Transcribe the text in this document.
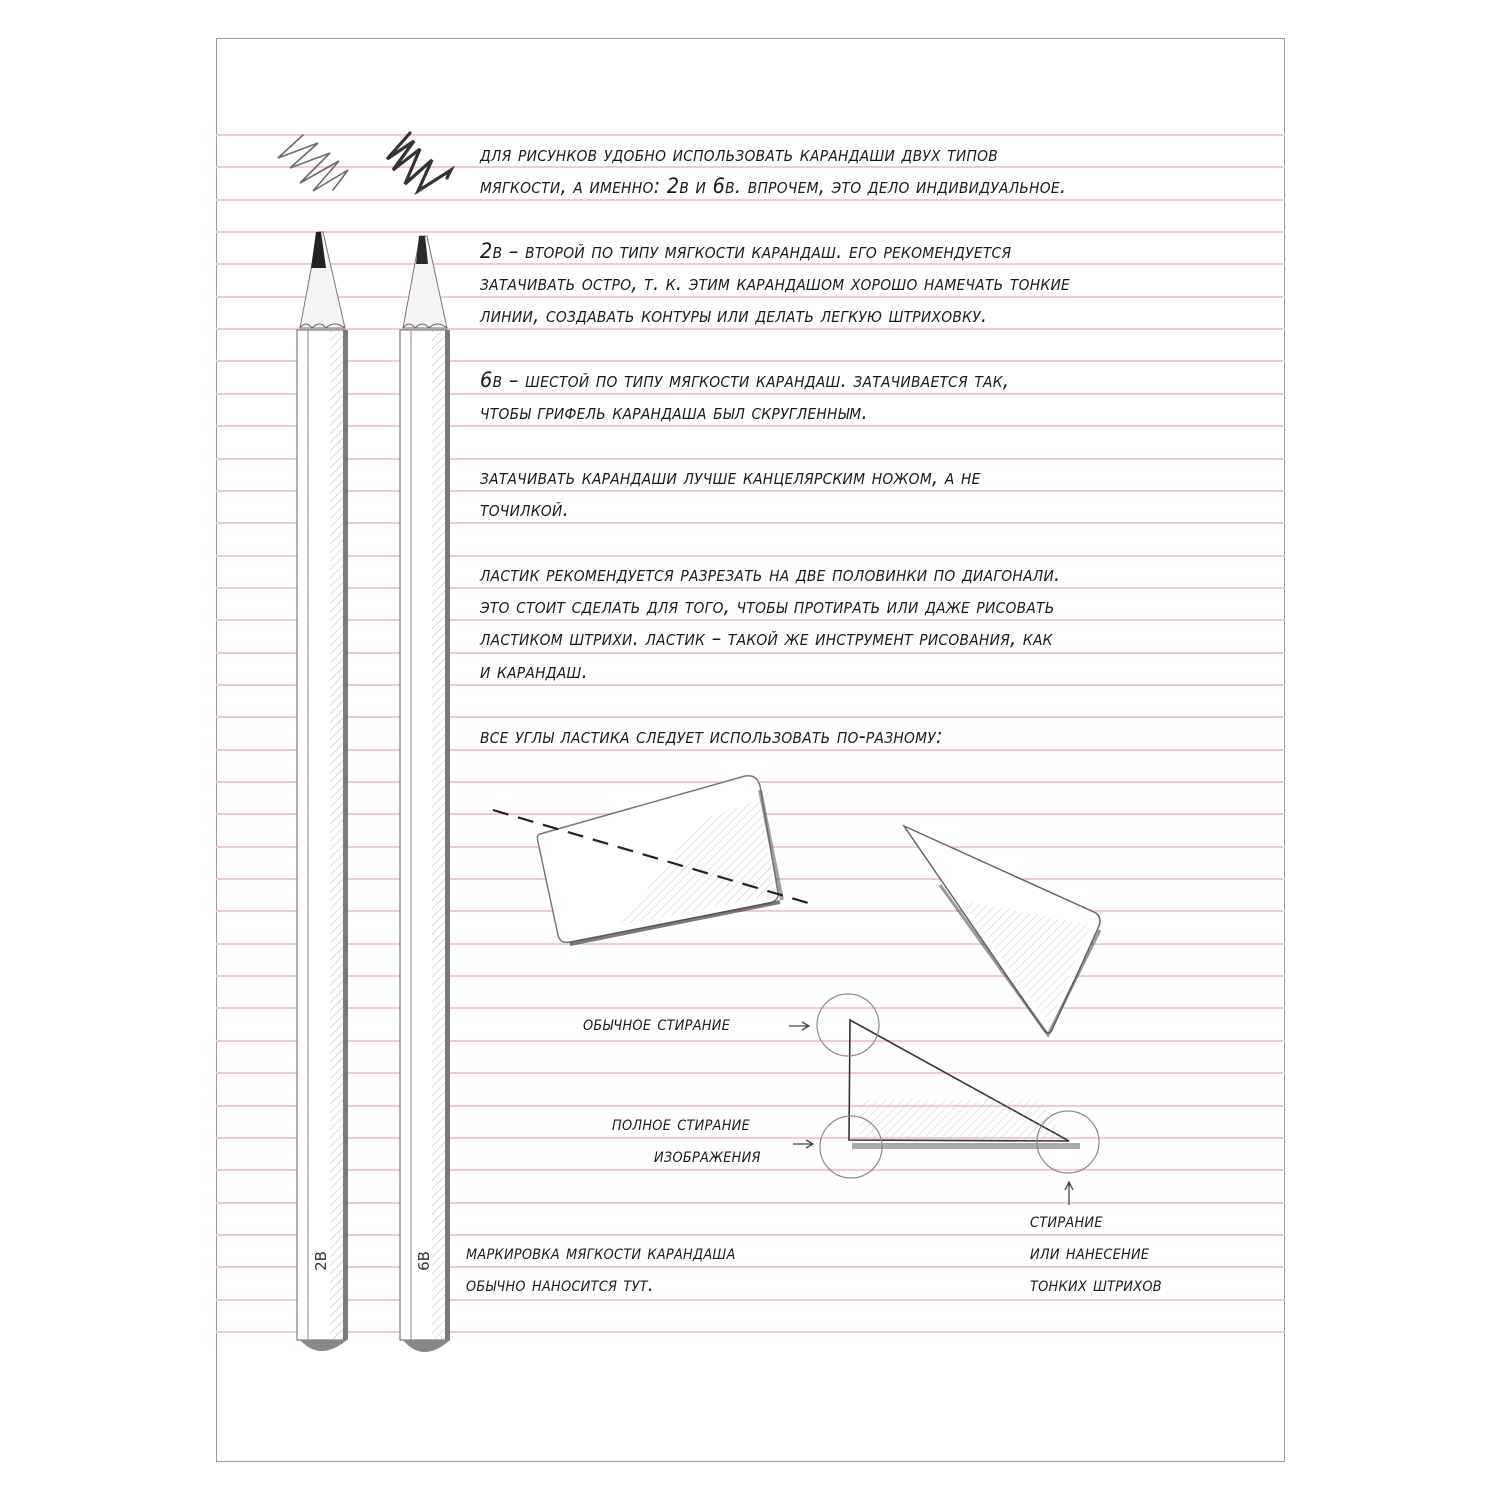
для рисунков удобно использовать карандаши двух типов
мягкости, а именно: 2в и 6в. впрочем, это дело индивидуальное.
2в – второй по типу мягкости карандаш. его рекомендуется
затачивать остро, т. к. этим карандашом хорошо намечать тонкие
линии, создавать контуры или делать легкую штриховку.
6в – шестой по типу мягкости карандаш. затачивается так,
чтобы грифель карандаша был скругленным.
затачивать карандаши лучше канцелярским ножом, а не
точилкой.
ластик рекомендуется разрезать на две половинки по диагонали.
это стоит сделать для того, чтобы протирать или даже рисовать
ластиком штрихи. ластик – такой же инструмент рисования, как
и карандаш.
все углы ластика следует использовать по-разному:
обычное стирание
полное стирание
изображения
стирание
или нанесение
тонких штрихов
маркировка мягкости карандаша
обычно наносится тут.
2B	6B
